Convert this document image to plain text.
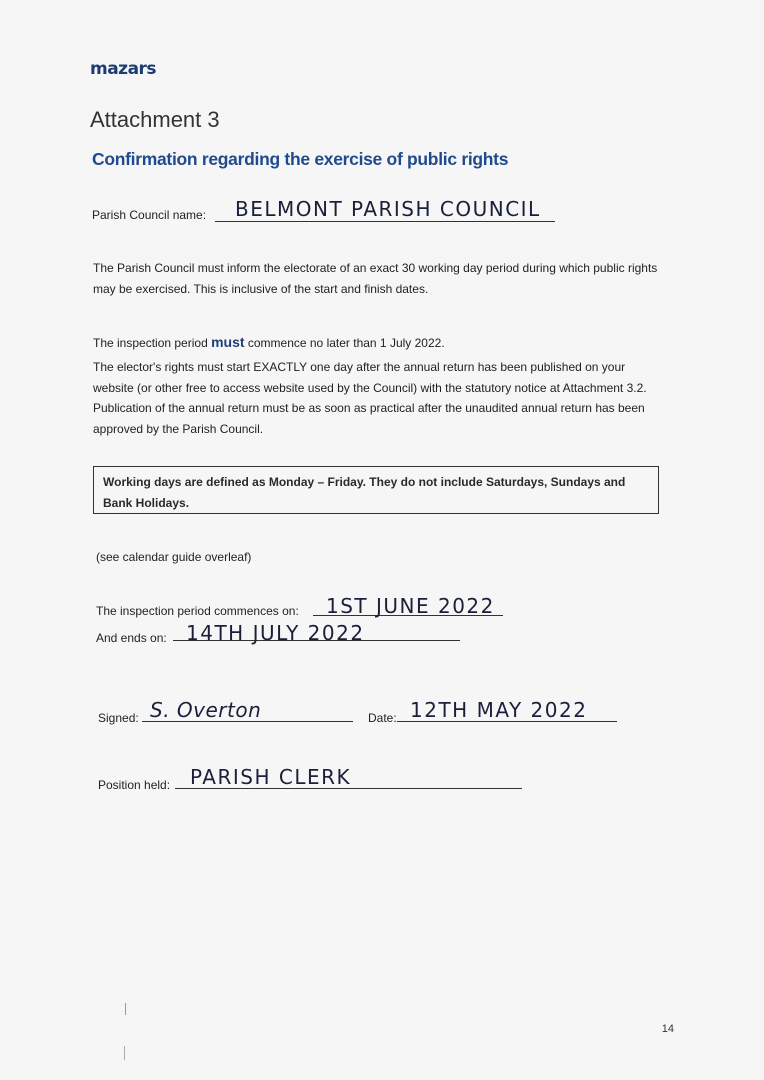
mazars
Attachment 3
Confirmation regarding the exercise of public rights
Parish Council name: BELMONT PARISH COUNCIL
The Parish Council must inform the electorate of an exact 30 working day period during which public rights may be exercised. This is inclusive of the start and finish dates.
The inspection period must commence no later than 1 July 2022.
The elector's rights must start EXACTLY one day after the annual return has been published on your website (or other free to access website used by the Council) with the statutory notice at Attachment 3.2. Publication of the annual return must be as soon as practical after the unaudited annual return has been approved by the Parish Council.
Working days are defined as Monday – Friday. They do not include Saturdays, Sundays and Bank Holidays.
(see calendar guide overleaf)
The inspection period commences on: 1ST JUNE 2022
And ends on: 14TH JULY 2022
Signed: S. Overton	Date: 12TH MAY 2022
Position held: PARISH CLERK
14
